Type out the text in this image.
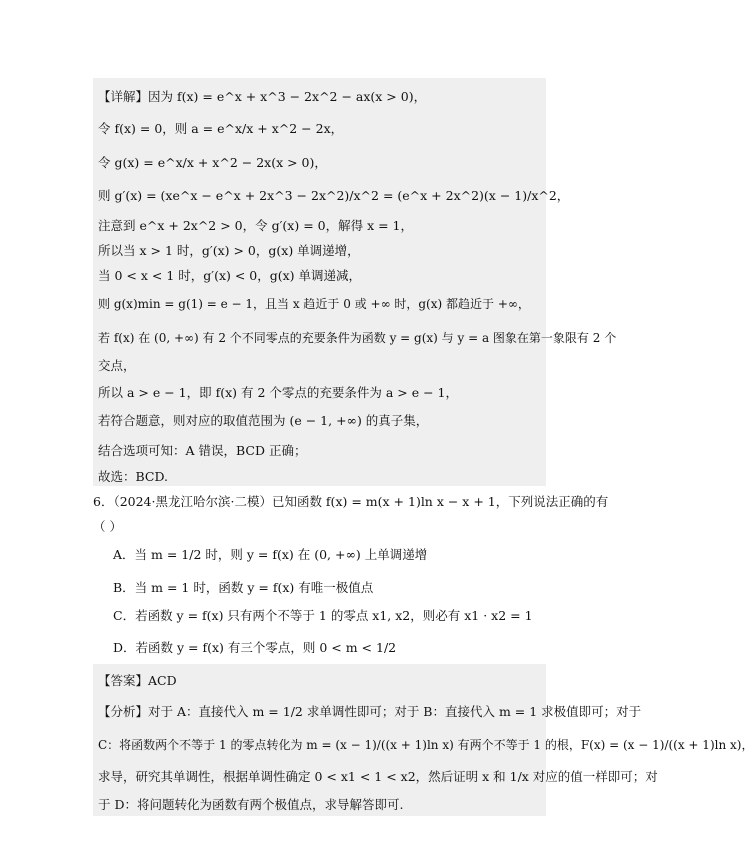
【详解】因为 f(x) = e^x + x^3 − 2x^2 − ax(x > 0)，
令 f(x) = 0，则 a = e^x/x + x^2 − 2x，
令 g(x) = e^x/x + x^2 − 2x(x > 0)，
则 g′(x) = (xe^x − e^x + 2x^3 − 2x^2)/x^2 = (e^x + 2x^2)(x − 1)/x^2，
注意到 e^x + 2x^2 > 0，令 g′(x) = 0，解得 x = 1，
所以当 x > 1 时，g′(x) > 0，g(x) 单调递增，
当 0 < x < 1 时，g′(x) < 0，g(x) 单调递减，
则 g(x)min = g(1) = e − 1，且当 x 趋近于 0 或 +∞ 时，g(x) 都趋近于 +∞，
若 f(x) 在 (0, +∞) 有 2 个不同零点的充要条件为函数 y = g(x) 与 y = a 图象在第一象限有 2 个
交点，
所以 a > e − 1，即 f(x) 有 2 个零点的充要条件为 a > e − 1，
若符合题意，则对应的取值范围为 (e − 1, +∞) 的真子集，
结合选项可知：A 错误，BCD 正确；
故选：BCD.
6．（2024·黑龙江哈尔滨·二模）已知函数 f(x) = m(x + 1)ln x − x + 1，下列说法正确的有
（ ）
A．当 m = 1/2 时，则 y = f(x) 在 (0, +∞) 上单调递增
B．当 m = 1 时，函数 y = f(x) 有唯一极值点
C．若函数 y = f(x) 只有两个不等于 1 的零点 x1, x2，则必有 x1 · x2 = 1
D．若函数 y = f(x) 有三个零点，则 0 < m < 1/2
【答案】ACD
【分析】对于 A：直接代入 m = 1/2 求单调性即可；对于 B：直接代入 m = 1 求极值即可；对于
C：将函数两个不等于 1 的零点转化为 m = (x − 1)/((x + 1)ln x) 有两个不等于 1 的根，F(x) = (x − 1)/((x + 1)ln x)，
求导，研究其单调性，根据单调性确定 0 < x1 < 1 < x2，然后证明 x 和 1/x 对应的值一样即可；对
于 D：将问题转化为函数有两个极值点，求导解答即可.
